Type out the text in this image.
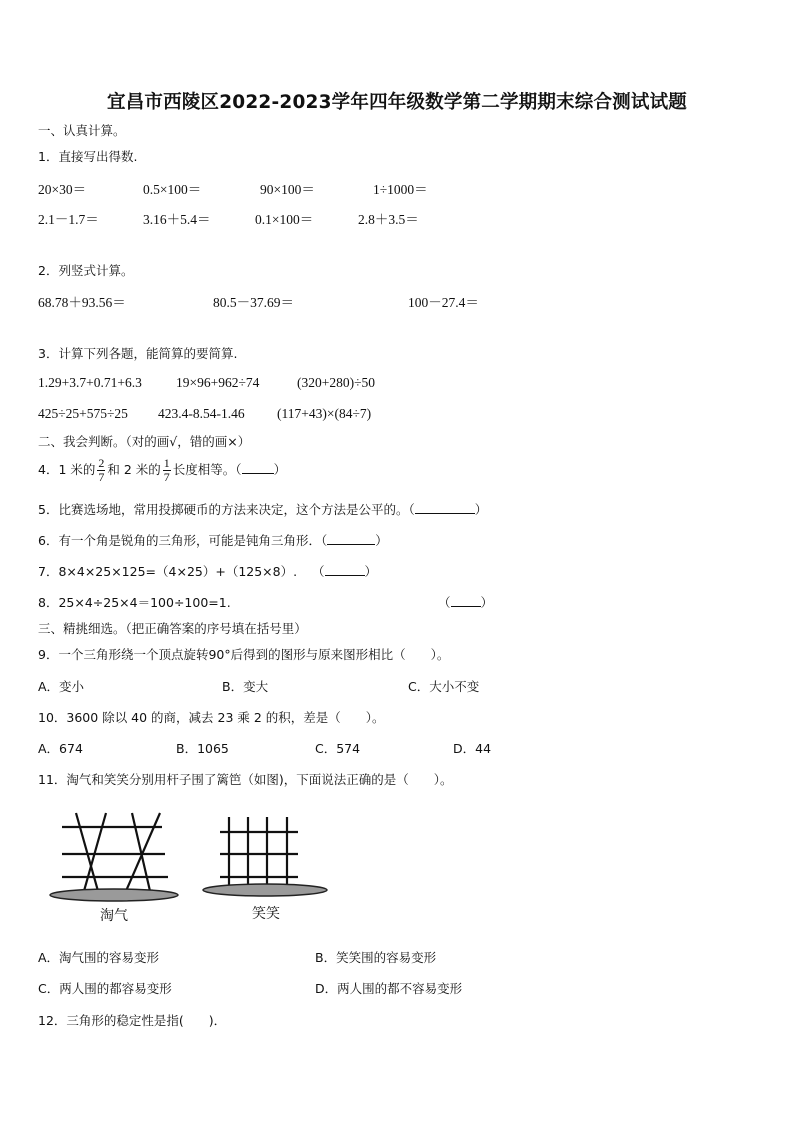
宜昌市西陵区2022-2023学年四年级数学第二学期期末综合测试试题
一、认真计算。
1．直接写出得数.
20×30＝	0.5×100＝	90×100＝	1÷1000＝
2.1－1.7＝	3.16＋5.4＝	0.1×100＝	2.8＋3.5＝
2．列竖式计算。
68.78＋93.56＝	80.5－37.69＝	100－27.4＝
3．计算下列各题，能简算的要简算.
1.29+3.7+0.71+6.3	19×96+962÷74	(320+280)÷50
425÷25+575÷25 423.4-8.54-1.46 (117+43)×(84÷7)
二、我会判断。（对的画√，错的画×）
4．1 米的 $\frac{2}{7}$ 和 2 米的 $\frac{1}{7}$ 长度相等。（	）
5．比赛选场地，常用投掷硬币的方法来决定，这个方法是公平的。（	）
6．有一个角是锐角的三角形，可能是钝角三角形．（	）
7．8×4×25×125=（4×25）+（125×8）. （	）
8．25×4÷25×4＝100÷100=1.	（ ）
三、精挑细选。（把正确答案的序号填在括号里）
9．一个三角形绕一个顶点旋转90°后得到的图形与原来图形相比（　　）。
A．变小	B．变大	C．大小不变
10．3600 除以 40 的商，减去 23 乘 2 的积，差是（　　）。
A．674	B．1065	C．574	D．44
11．淘气和笑笑分别用杆子围了篱笆（如图)，下面说法正确的是（　　）。
淘气	笑笑
A．淘气围的容易变形	B．笑笑围的容易变形
C．两人围的都容易变形	D．两人围的都不容易变形
12．三角形的稳定性是指(　　)．
